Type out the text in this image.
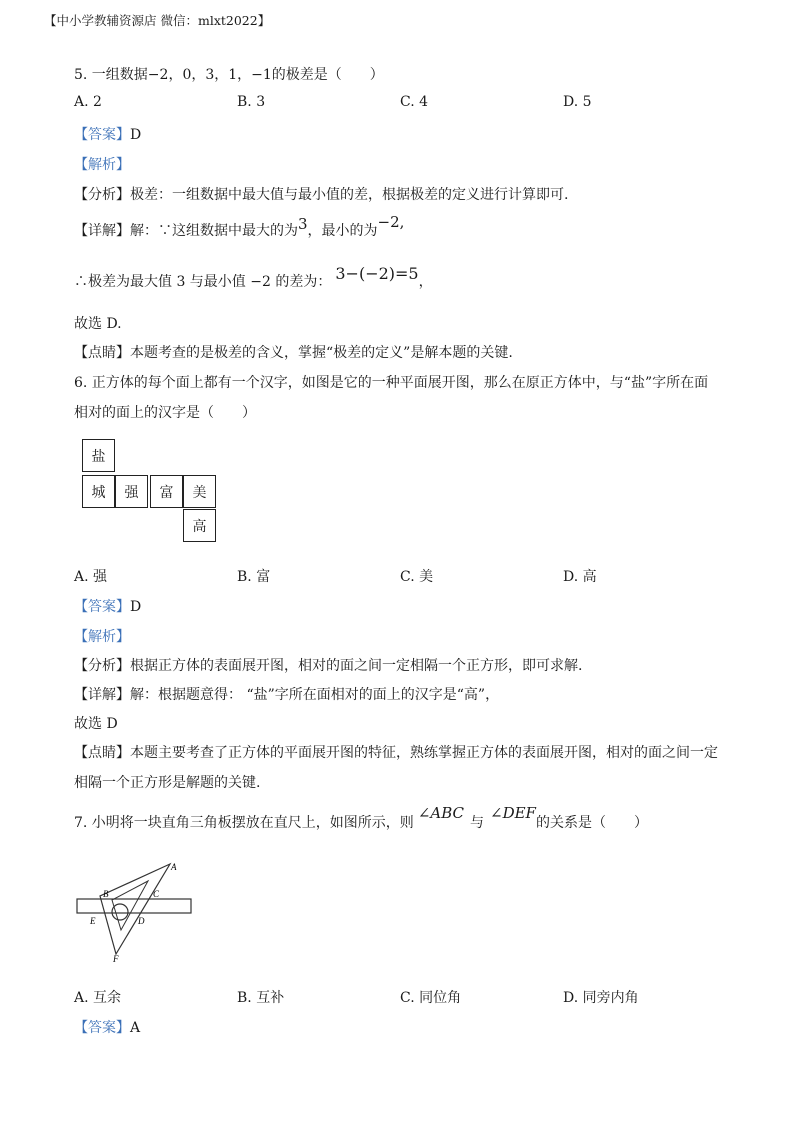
【中小学教辅资源店 微信：mlxt2022】
5. 一组数据−2，0，3，1，−1的极差是（　　）
A. 2	B. 3	C. 4	D. 5
【答案】D
【解析】
【分析】极差：一组数据中最大值与最小值的差，根据极差的定义进行计算即可.
【详解】解：∵这组数据中最大的为3，最小的为−2,
∴极差为最大值 3 与最小值 −2 的差为： 3−(−2)=5，
故选 D.
【点睛】本题考查的是极差的含义，掌握“极差的定义”是解本题的关键.
6. 正方体的每个面上都有一个汉字，如图是它的一种平面展开图，那么在原正方体中，与“盐”字所在面
相对的面上的汉字是（　　）
盐
城	强	富	美
高
A. 强	B. 富	C. 美	D. 高
【答案】D
【解析】
【分析】根据正方体的表面展开图，相对的面之间一定相隔一个正方形，即可求解.
【详解】解：根据题意得： “盐”字所在面相对的面上的汉字是“高”，
故选 D
【点睛】本题主要考查了正方体的平面展开图的特征，熟练掌握正方体的表面展开图，相对的面之间一定
相隔一个正方形是解题的关键.
7. 小明将一块直角三角板摆放在直尺上，如图所示，则∠ABC与∠DEF的关系是（　　）
A
B	C
D
E
F
A. 互余	B. 互补	C. 同位角	D. 同旁内角
【答案】A
